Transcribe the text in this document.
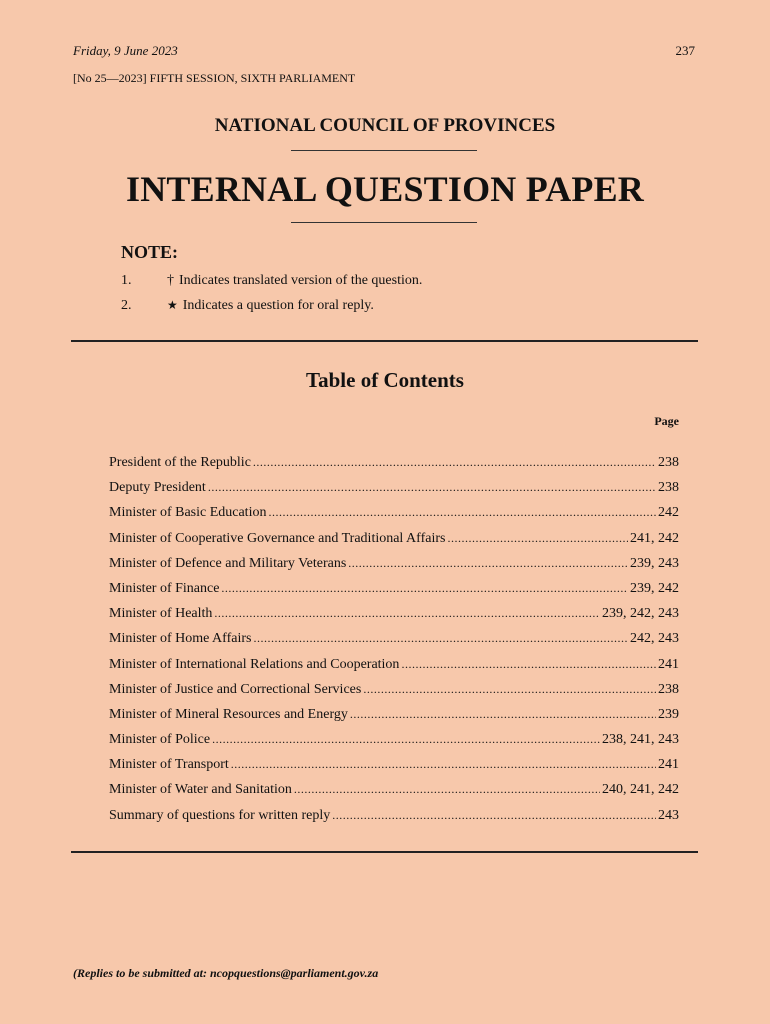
Friday, 9 June 2023	237
[No 25—2023] FIFTH SESSION, SIXTH PARLIAMENT
NATIONAL COUNCIL OF PROVINCES
INTERNAL QUESTION PAPER
NOTE:
1.	† Indicates translated version of the question.
2.	★ Indicates a question for oral reply.
Table of Contents
Page
President of the Republic .....	238
Deputy President .....	238
Minister of Basic Education .....	242
Minister of Cooperative Governance and Traditional Affairs .....	241, 242
Minister of Defence and Military Veterans .....	239, 243
Minister of Finance .....	239, 242
Minister of Health .....	239, 242, 243
Minister of Home Affairs .....	242, 243
Minister of International Relations and Cooperation .....	241
Minister of Justice and Correctional Services .....	238
Minister of Mineral Resources and Energy .....	239
Minister of Police .....	238, 241, 243
Minister of Transport .....	241
Minister of Water and Sanitation .....	240, 241, 242
Summary of questions for written reply .....	243
(Replies to be submitted at: ncopquestions@parliament.gov.za
